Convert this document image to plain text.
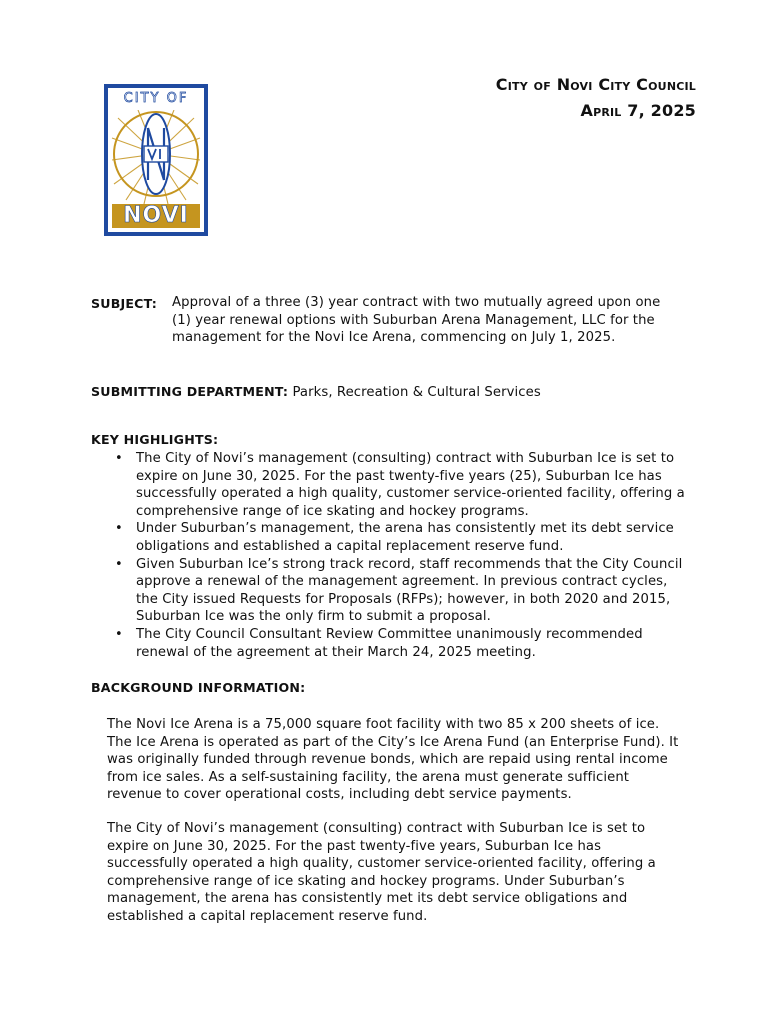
CITY OF
NOVI
City of Novi City Council
April 7, 2025
SUBJECT: Approval of a three (3) year contract with two mutually agreed upon one (1) year renewal options with Suburban Arena Management, LLC for the management for the Novi Ice Arena, commencing on July 1, 2025.
SUBMITTING DEPARTMENT: Parks, Recreation & Cultural Services
KEY HIGHLIGHTS:
• The City of Novi’s management (consulting) contract with Suburban Ice is set to expire on June 30, 2025. For the past twenty-five years (25), Suburban Ice has successfully operated a high quality, customer service-oriented facility, offering a comprehensive range of ice skating and hockey programs.
• Under Suburban’s management, the arena has consistently met its debt service obligations and established a capital replacement reserve fund.
• Given Suburban Ice’s strong track record, staff recommends that the City Council approve a renewal of the management agreement. In previous contract cycles, the City issued Requests for Proposals (RFPs); however, in both 2020 and 2015, Suburban Ice was the only firm to submit a proposal.
• The City Council Consultant Review Committee unanimously recommended renewal of the agreement at their March 24, 2025 meeting.
BACKGROUND INFORMATION:
The Novi Ice Arena is a 75,000 square foot facility with two 85 x 200 sheets of ice. The Ice Arena is operated as part of the City’s Ice Arena Fund (an Enterprise Fund). It was originally funded through revenue bonds, which are repaid using rental income from ice sales. As a self-sustaining facility, the arena must generate sufficient revenue to cover operational costs, including debt service payments.
The City of Novi’s management (consulting) contract with Suburban Ice is set to expire on June 30, 2025. For the past twenty-five years, Suburban Ice has successfully operated a high quality, customer service-oriented facility, offering a comprehensive range of ice skating and hockey programs. Under Suburban’s management, the arena has consistently met its debt service obligations and established a capital replacement reserve fund.
